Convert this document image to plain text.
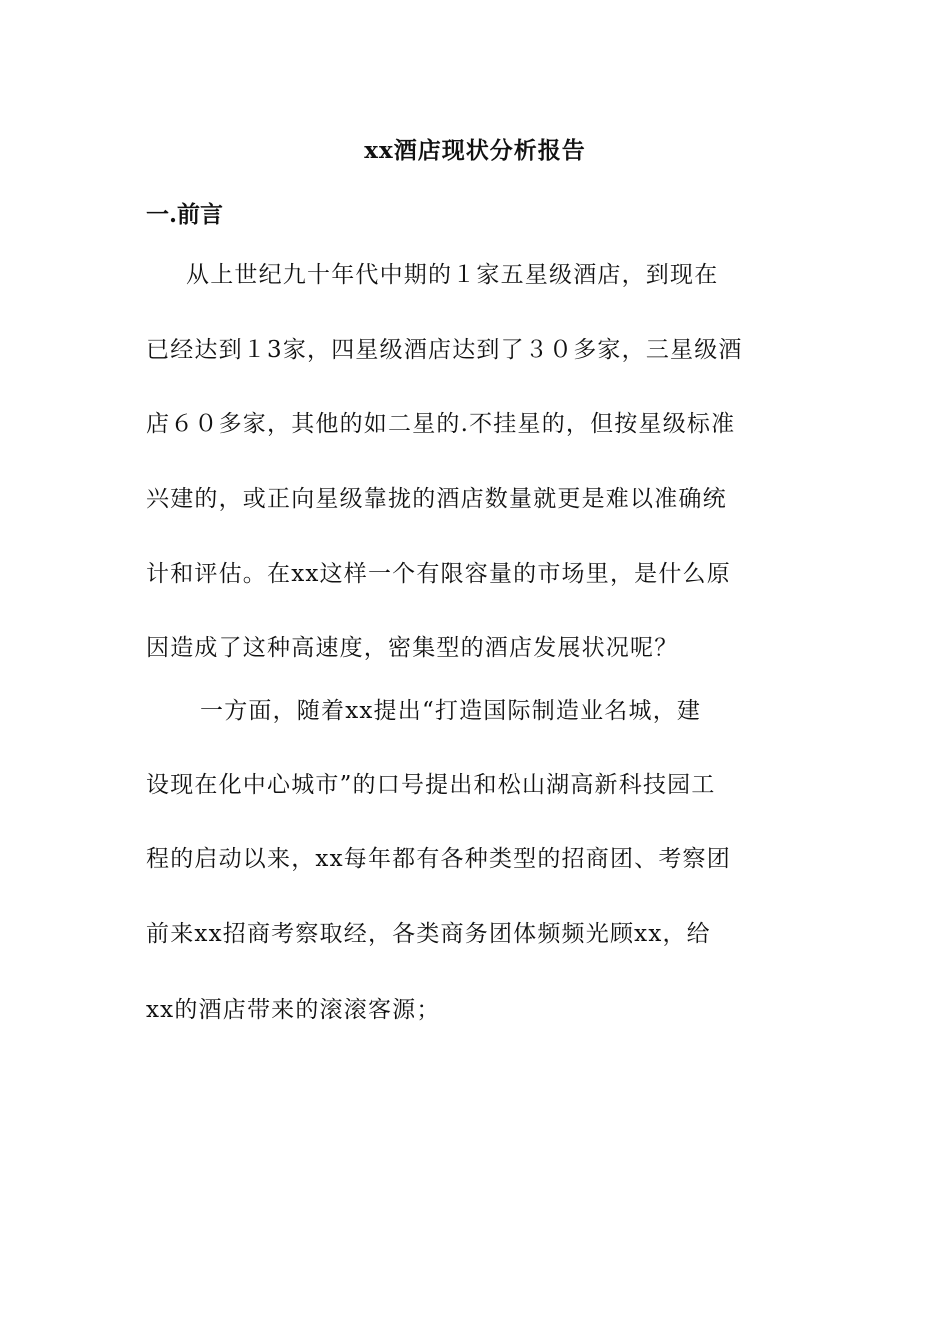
xx酒店现状分析报告
一.前言
从上世纪九十年代中期的１家五星级酒店，到现在
已经达到１3家，四星级酒店达到了３０多家，三星级酒
店６０多家，其他的如二星的.不挂星的，但按星级标准
兴建的，或正向星级靠拢的酒店数量就更是难以准确统
计和评估。在xx这样一个有限容量的市场里，是什么原
因造成了这种高速度，密集型的酒店发展状况呢？
一方面，随着xx提出“打造国际制造业名城，建
设现在化中心城市”的口号提出和松山湖高新科技园工
程的启动以来，xx每年都有各种类型的招商团、考察团
前来xx招商考察取经，各类商务团体频频光顾xx，给
xx的酒店带来的滚滚客源；
